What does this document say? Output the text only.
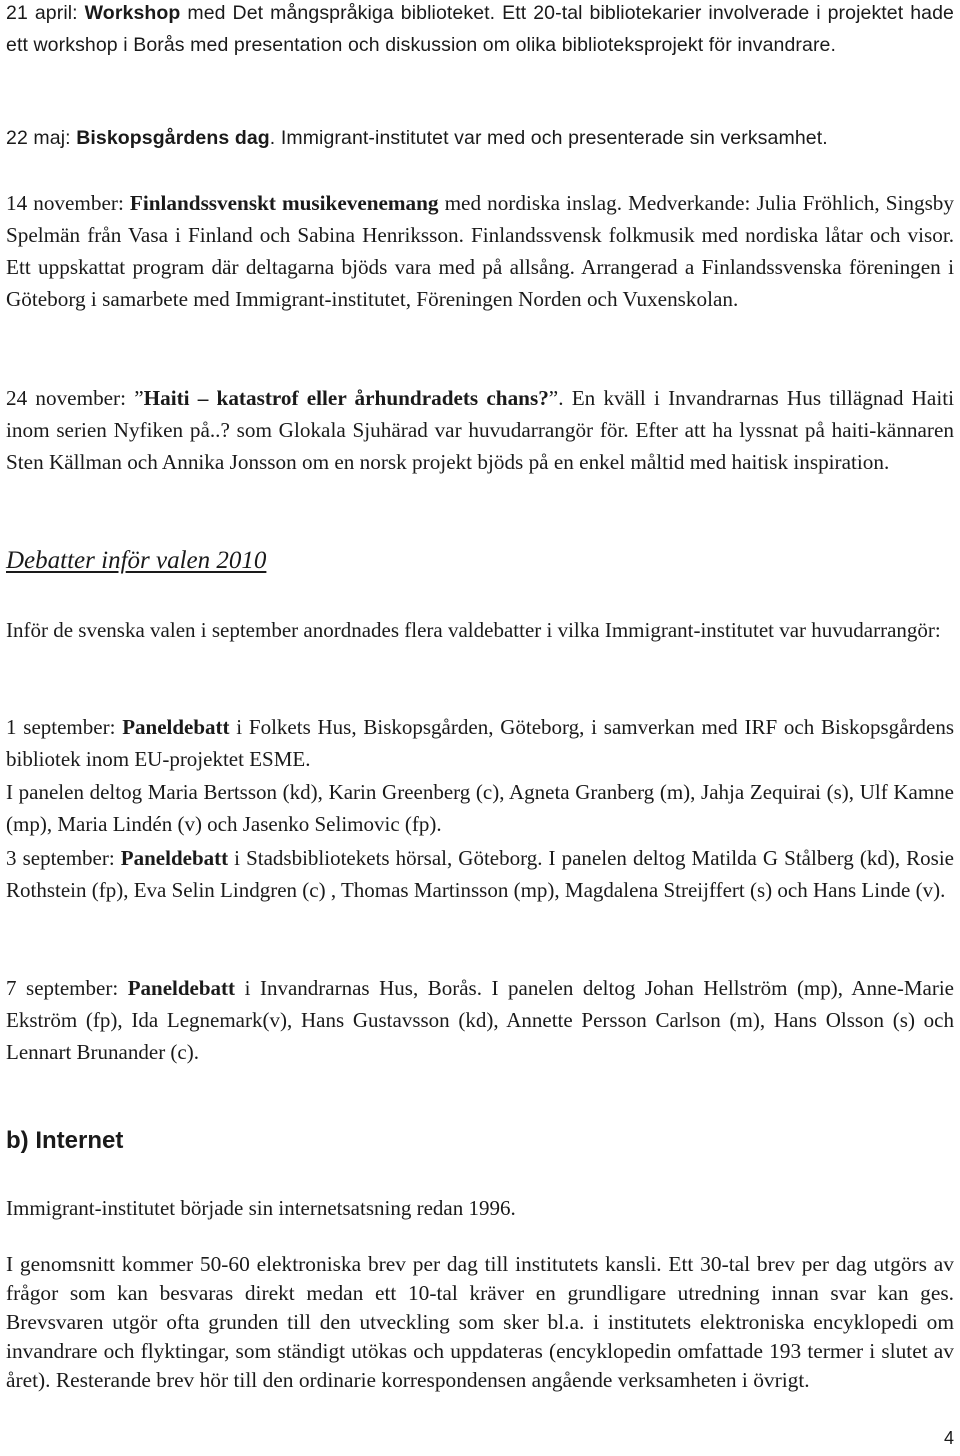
21 april: Workshop med Det mångspråkiga biblioteket. Ett 20-tal bibliotekarier involverade i projektet hade ett workshop i Borås med presentation och diskussion om olika biblioteksprojekt för invandrare.

22 maj: Biskopsgårdens dag. Immigrant-institutet var med och presenterade sin verksamhet.

14 november: Finlandssvenskt musikevenemang med nordiska inslag. Medverkande: Julia Fröhlich, Singsby Spelmän från Vasa i Finland och Sabina Henriksson. Finlandssvensk folkmusik med nordiska låtar och visor. Ett uppskattat program där deltagarna bjöds vara med på allsång. Arrangerad a Finlandssvenska föreningen i Göteborg i samarbete med Immigrant-institutet, Föreningen Norden och Vuxenskolan.

24 november: ”Haiti – katastrof eller århundradets chans?”. En kväll i Invandrarnas Hus tillägnad Haiti inom serien Nyfiken på..? som Glokala Sjuhärad var huvudarrangör för. Efter att ha lyssnat på haiti-kännaren Sten Källman och Annika Jonsson om en norsk projekt bjöds på en enkel måltid med haitisk inspiration.

Debatter inför valen 2010

Inför de svenska valen i september anordnades flera valdebatter i vilka Immigrant-institutet var huvudarrangör:

1 september: Paneldebatt i Folkets Hus, Biskopsgården, Göteborg, i samverkan med IRF och Biskopsgårdens bibliotek inom EU-projektet ESME.

I panelen deltog Maria Bertsson (kd), Karin Greenberg (c), Agneta Granberg (m), Jahja Zequirai (s), Ulf Kamne (mp), Maria Lindén (v) och Jasenko Selimovic (fp).

3 september: Paneldebatt i Stadsbibliotekets hörsal, Göteborg. I panelen deltog Matilda G Stålberg (kd), Rosie Rothstein (fp), Eva Selin Lindgren (c) , Thomas Martinsson (mp), Magdalena Streijffert (s) och Hans Linde (v).

7 september: Paneldebatt i Invandrarnas Hus, Borås. I panelen deltog Johan Hellström (mp), Anne-Marie Ekström (fp), Ida Legnemark(v), Hans Gustavsson (kd), Annette Persson Carlson (m), Hans Olsson (s) och Lennart Brunander (c).

b) Internet

Immigrant-institutet började sin internetsatsning redan 1996.

I genomsnitt kommer 50-60 elektroniska brev per dag till institutets kansli. Ett 30-tal brev per dag utgörs av frågor som kan besvaras direkt medan ett 10-tal kräver en grundligare utredning innan svar kan ges. Brevsvaren utgör ofta grunden till den utveckling som sker bl.a. i institutets elektroniska encyklopedi om invandrare och flyktingar, som ständigt utökas och uppdateras (encyklopedin omfattade 193 termer i slutet av året). Resterande brev hör till den ordinarie korrespondensen angående verksamheten i övrigt.

4
